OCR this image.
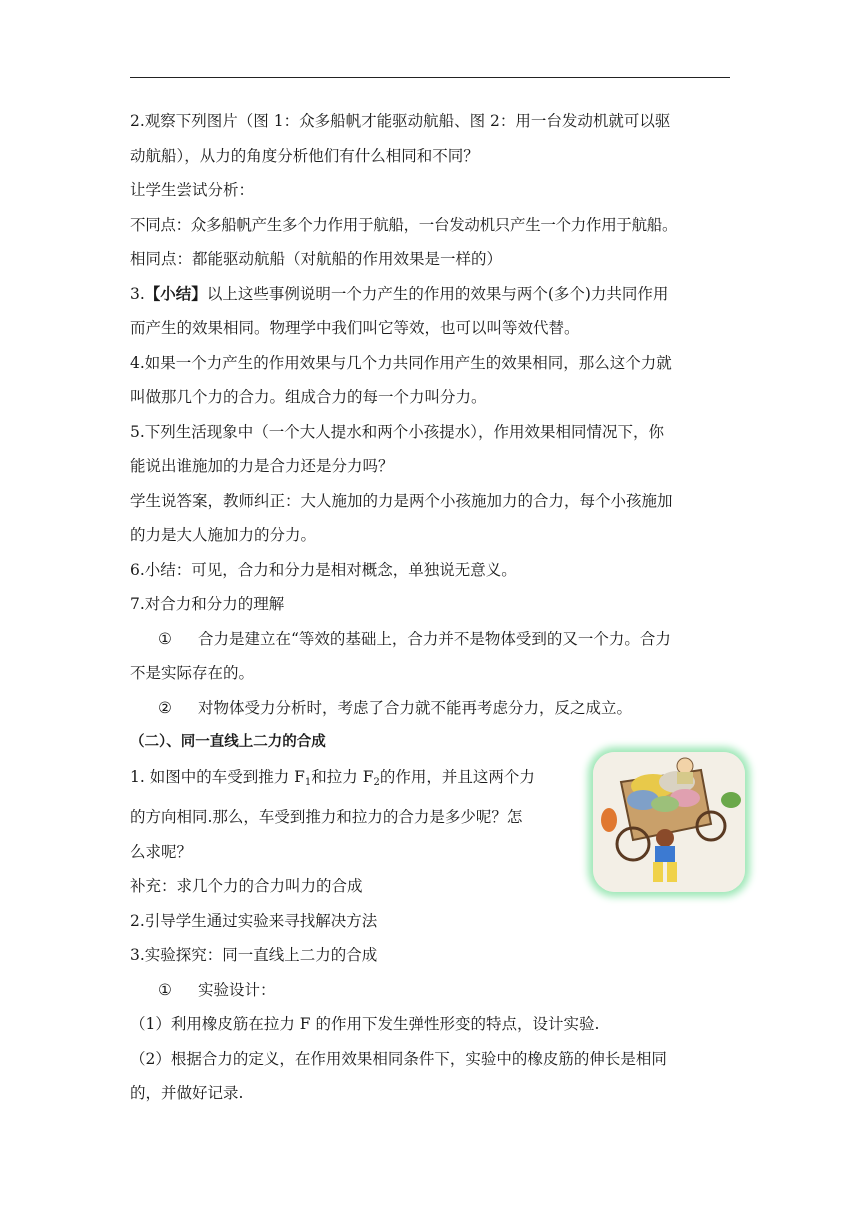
2.观察下列图片（图 1：众多船帆才能驱动航船、图 2：用一台发动机就可以驱

动航船），从力的角度分析他们有什么相同和不同？

让学生尝试分析：

不同点：众多船帆产生多个力作用于航船，一台发动机只产生一个力作用于航船。

相同点：都能驱动航船（对航船的作用效果是一样的）

3.【小结】以上这些事例说明一个力产生的作用的效果与两个(多个)力共同作用

而产生的效果相同。物理学中我们叫它等效，也可以叫等效代替。

4.如果一个力产生的作用效果与几个力共同作用产生的效果相同，那么这个力就

叫做那几个力的合力。组成合力的每一个力叫分力。

5.下列生活现象中（一个大人提水和两个小孩提水），作用效果相同情况下，你

能说出谁施加的力是合力还是分力吗？

学生说答案，教师纠正：大人施加的力是两个小孩施加力的合力，每个小孩施加

的力是大人施加力的分力。

6.小结：可见，合力和分力是相对概念，单独说无意义。

7.对合力和分力的理解

① 合力是建立在“等效的基础上，合力并不是物体受到的又一个力。合力

不是实际存在的。

② 对物体受力分析时，考虑了合力就不能再考虑分力，反之成立。

（二）、同一直线上二力的合成

1. 如图中的车受到推力 $F_1$和拉力 $F_2$的作用，并且这两个力

的方向相同.那么，车受到推力和拉力的合力是多少呢？怎

么求呢？

补充：求几个力的合力叫力的合成

2.引导学生通过实验来寻找解决方法

3.实验探究：同一直线上二力的合成

① 实验设计：

（1）利用橡皮筋在拉力 F 的作用下发生弹性形变的特点，设计实验.

（2）根据合力的定义，在作用效果相同条件下，实验中的橡皮筋的伸长是相同

的，并做好记录.
